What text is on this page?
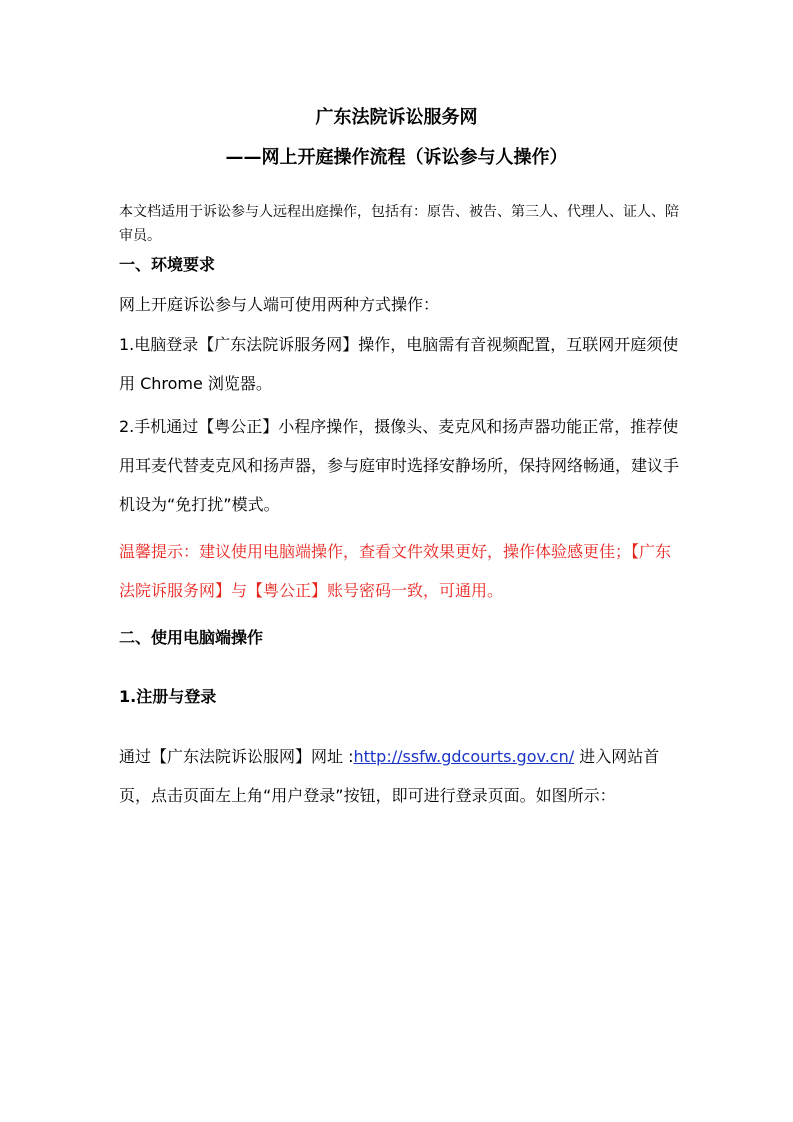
广东法院诉讼服务网
——网上开庭操作流程（诉讼参与人操作）
本文档适用于诉讼参与人远程出庭操作，包括有：原告、被告、第三人、代理人、证人、陪审员。
一、环境要求
网上开庭诉讼参与人端可使用两种方式操作：
1.电脑登录【广东法院诉服务网】操作，电脑需有音视频配置，互联网开庭须使用 Chrome 浏览器。
2.手机通过【粤公正】小程序操作，摄像头、麦克风和扬声器功能正常，推荐使用耳麦代替麦克风和扬声器，参与庭审时选择安静场所，保持网络畅通，建议手机设为“免打扰”模式。
温馨提示：建议使用电脑端操作，查看文件效果更好，操作体验感更佳；【广东法院诉服务网】与【粤公正】账号密码一致，可通用。
二、使用电脑端操作
1.注册与登录
通过【广东法院诉讼服网】网址 :http://ssfw.gdcourts.gov.cn/ 进入网站首页，点击页面左上角“用户登录”按钮，即可进行登录页面。如图所示：
